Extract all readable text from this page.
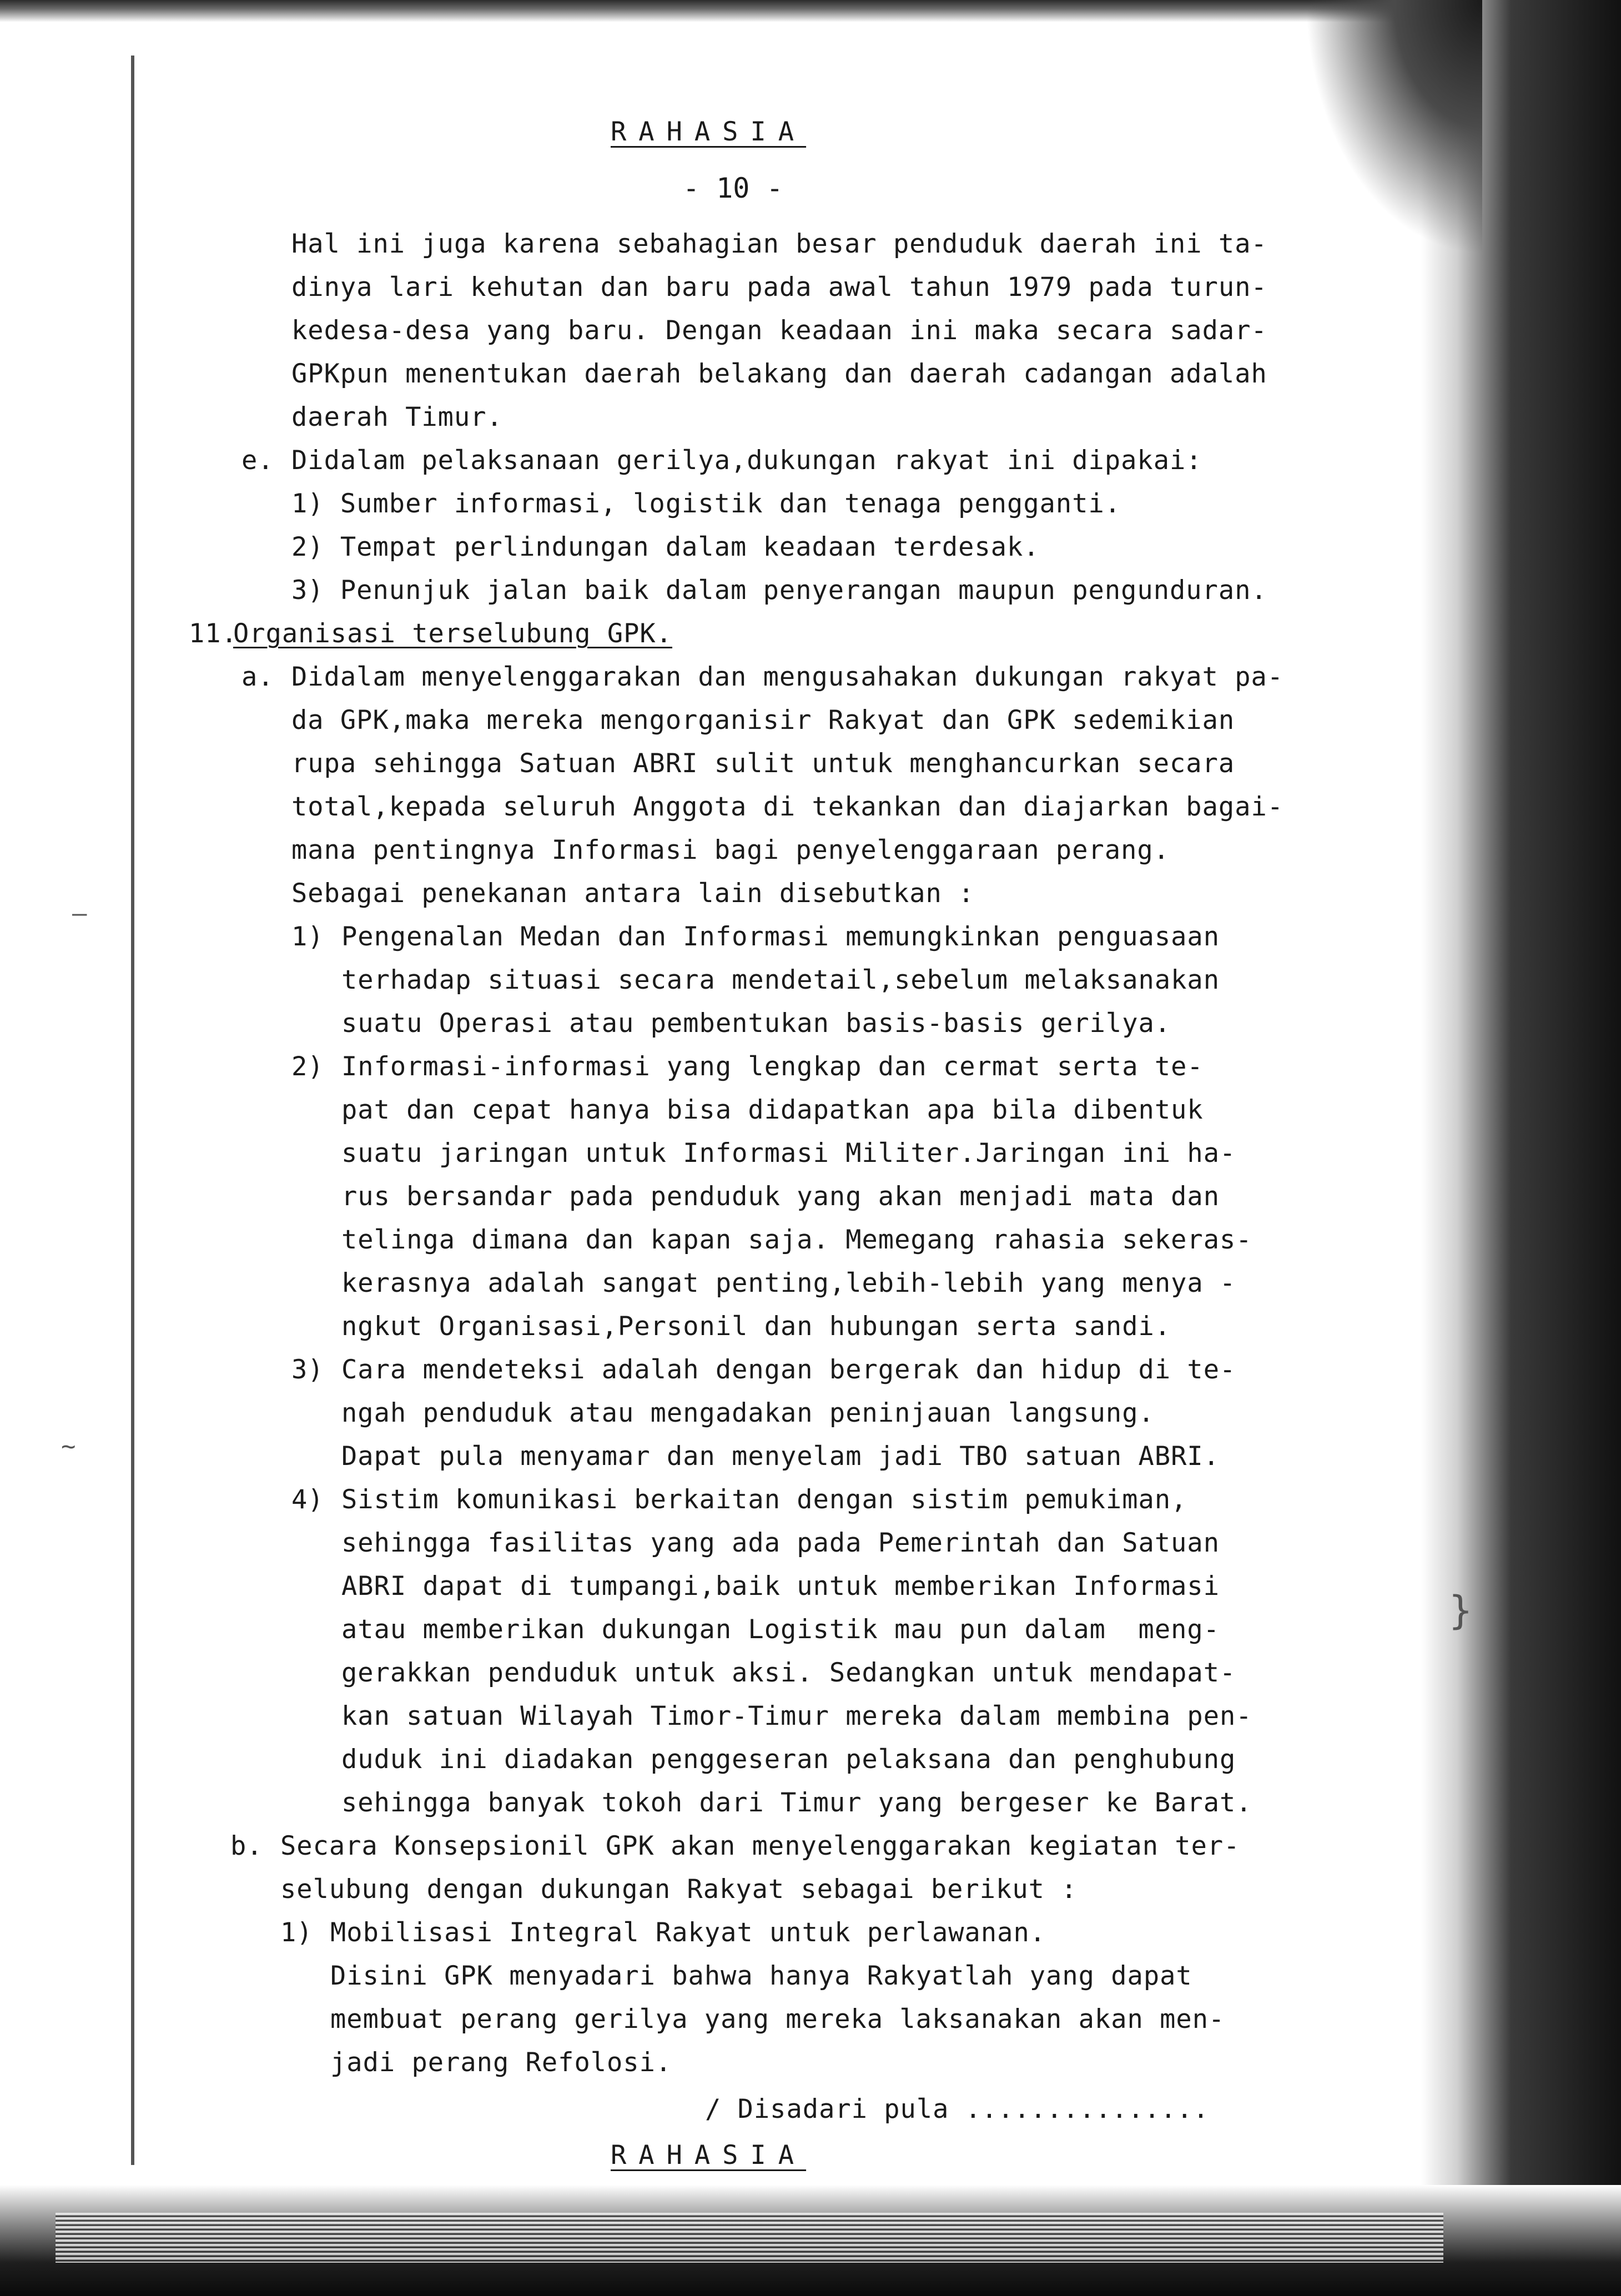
RAHASIA
- 10 -
Hal ini juga karena sebahagian besar penduduk daerah ini ta-
dinya lari kehutan dan baru pada awal tahun 1979 pada turun-
kedesa-desa yang baru. Dengan keadaan ini maka secara sadar-
GPKpun menentukan daerah belakang dan daerah cadangan adalah
daerah Timur.
e. Didalam pelaksanaan gerilya,dukungan rakyat ini dipakai:
1) Sumber informasi, logistik dan tenaga pengganti.
2) Tempat perlindungan dalam keadaan terdesak.
3) Penunjuk jalan baik dalam penyerangan maupun pengunduran.
11.
Organisasi terselubung GPK.
a. Didalam menyelenggarakan dan mengusahakan dukungan rakyat pa-
da GPK,maka mereka mengorganisir Rakyat dan GPK sedemikian
rupa sehingga Satuan ABRI sulit untuk menghancurkan secara
total,kepada seluruh Anggota di tekankan dan diajarkan bagai-
mana pentingnya Informasi bagi penyelenggaraan perang.
Sebagai penekanan antara lain disebutkan :
1) Pengenalan Medan dan Informasi memungkinkan penguasaan
terhadap situasi secara mendetail,sebelum melaksanakan
suatu Operasi atau pembentukan basis-basis gerilya.
2) Informasi-informasi yang lengkap dan cermat serta te-
pat dan cepat hanya bisa didapatkan apa bila dibentuk
suatu jaringan untuk Informasi Militer.Jaringan ini ha-
rus bersandar pada penduduk yang akan menjadi mata dan
telinga dimana dan kapan saja. Memegang rahasia sekeras-
kerasnya adalah sangat penting,lebih-lebih yang menya -
ngkut Organisasi,Personil dan hubungan serta sandi.
3) Cara mendeteksi adalah dengan bergerak dan hidup di te-
ngah penduduk atau mengadakan peninjauan langsung.
Dapat pula menyamar dan menyelam jadi TBO satuan ABRI.
4) Sistim komunikasi berkaitan dengan sistim pemukiman,
sehingga fasilitas yang ada pada Pemerintah dan Satuan
ABRI dapat di tumpangi,baik untuk memberikan Informasi
atau memberikan dukungan Logistik mau pun dalam  meng-
gerakkan penduduk untuk aksi. Sedangkan untuk mendapat-
kan satuan Wilayah Timor-Timur mereka dalam membina pen-
duduk ini diadakan penggeseran pelaksana dan penghubung
sehingga banyak tokoh dari Timur yang bergeser ke Barat.
b. Secara Konsepsionil GPK akan menyelenggarakan kegiatan ter-
selubung dengan dukungan Rakyat sebagai berikut :
1) Mobilisasi Integral Rakyat untuk perlawanan.
Disini GPK menyadari bahwa hanya Rakyatlah yang dapat
membuat perang gerilya yang mereka laksanakan akan men-
jadi perang Refolosi.
/ Disadari pula ...............
RAHASIA
—
~
}
